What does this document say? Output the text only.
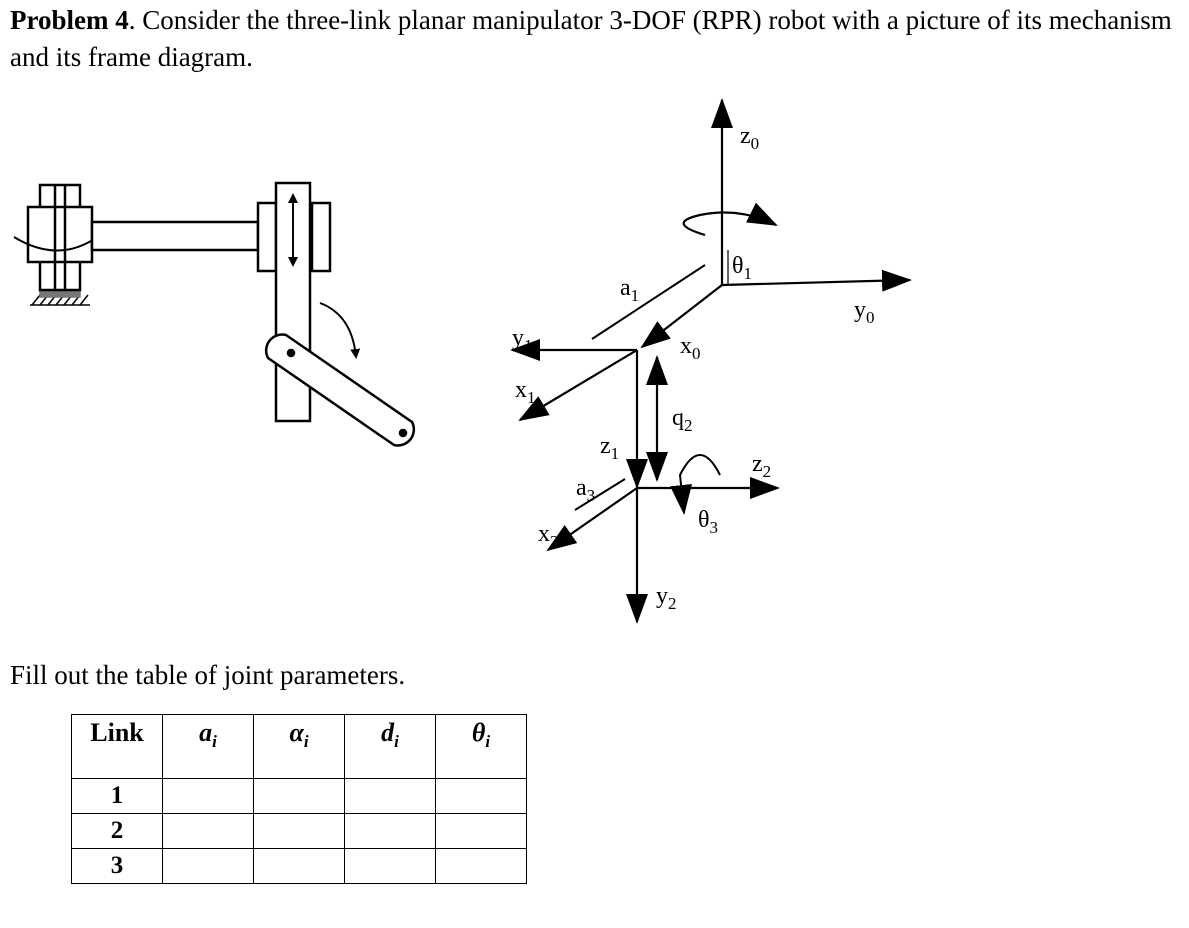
Problem 4. Consider the three-link planar manipulator 3-DOF (RPR) robot with a picture of its mechanism and its frame diagram.

$z_0$
$\theta_1$
$y_0$
$a_1$
$y_1$	$x_0$
$x_1$
$q_2$
$z_1$	$z_2$
$a_3$
$\theta_3$
$x_2$
$y_2$

Fill out the table of joint parameters.

Link	$a_i$	$\alpha_i$	$d_i$	$\theta_i$
1				
2				
3				
